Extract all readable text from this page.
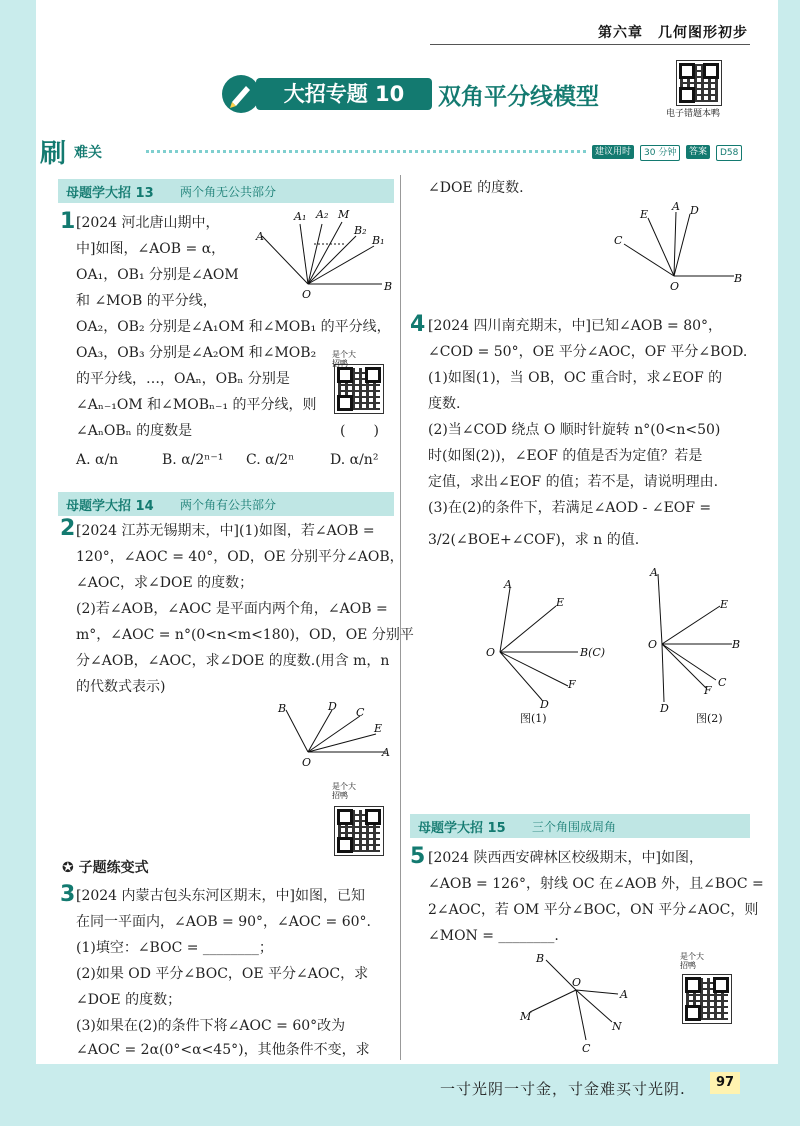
第六章　几何图形初步
大招专题 10	双角平分线模型
电子错题本鸭
刷 难关	建议用时	30 分钟	答案	D58
母题学大招 13 两个角无公共部分
1 [2024 河北唐山期中，
中]如图，∠AOB = α，
OA₁，OB₁ 分别是∠AOM
和 ∠MOB 的平分线，
OA₂，OB₂ 分别是∠A₁OM 和∠MOB₁ 的平分线，
OA₃，OB₃ 分别是∠A₂OM 和∠MOB₂
的平分线，…，OAₙ，OBₙ 分别是
∠Aₙ₋₁OM 和∠MOBₙ₋₁ 的平分线，则
∠AₙOBₙ 的度数是	(　　)
A
A₁ A₂ M
B₂
B₁
B
O
是个大招鸭
A. α/n	B. α/2ⁿ⁻¹ C. α/2ⁿ	D. α/n²
母题学大招 14 两个角有公共部分
2 [2024 江苏无锡期末，中](1)如图，若∠AOB =
120°，∠AOC = 40°，OD，OE 分别平分∠AOB，
∠AOC，求∠DOE 的度数；
(2)若∠AOB，∠AOC 是平面内两个角，∠AOB =
m°，∠AOC = n°(0<n<m<180)，OD，OE 分别平
分∠AOB，∠AOC，求∠DOE 的度数.(用含 m，n
的代数式表示)
B	D C
E
A
O
是个大招鸭
✪ 子题练变式
3 [2024 内蒙古包头东河区期末，中]如图，已知
在同一平面内，∠AOB = 90°，∠AOC = 60°.
(1)填空：∠BOC = ________；
(2)如果 OD 平分∠BOC，OE 平分∠AOC，求
∠DOE 的度数；
(3)如果在(2)的条件下将∠AOC = 60°改为
∠AOC = 2α(0°<α<45°)，其他条件不变，求
∠DOE 的度数.
C
E
A D
B
O
4 [2024 四川南充期末，中]已知∠AOB = 80°，
∠COD = 50°，OE 平分∠AOC，OF 平分∠BOD.
(1)如图(1)，当 OB，OC 重合时，求∠EOF 的
度数.
(2)当∠COD 绕点 O 顺时针旋转 n°(0<n<50)
时(如图(2))，∠EOF 的值是否为定值？若是
定值，求出∠EOF 的值；若不是，请说明理由.
(3)在(2)的条件下，若满足∠AOD - ∠EOF =
3/2(∠BOE+∠COF)，求 n 的值.
A
E
B(C)
F
D
O
图(1)
A
E
B
C
F
D
O
图(2)
母题学大招 15 三个角围成周角
5 [2024 陕西西安碑林区校级期末，中]如图，
∠AOB = 126°，射线 OC 在∠AOB 外，且∠BOC =
2∠AOC，若 OM 平分∠BOC，ON 平分∠AOC，则
∠MON = ________.
B
O
A
M
N
C
是个大招鸭
一寸光阴一寸金，寸金难买寸光阴.	97
